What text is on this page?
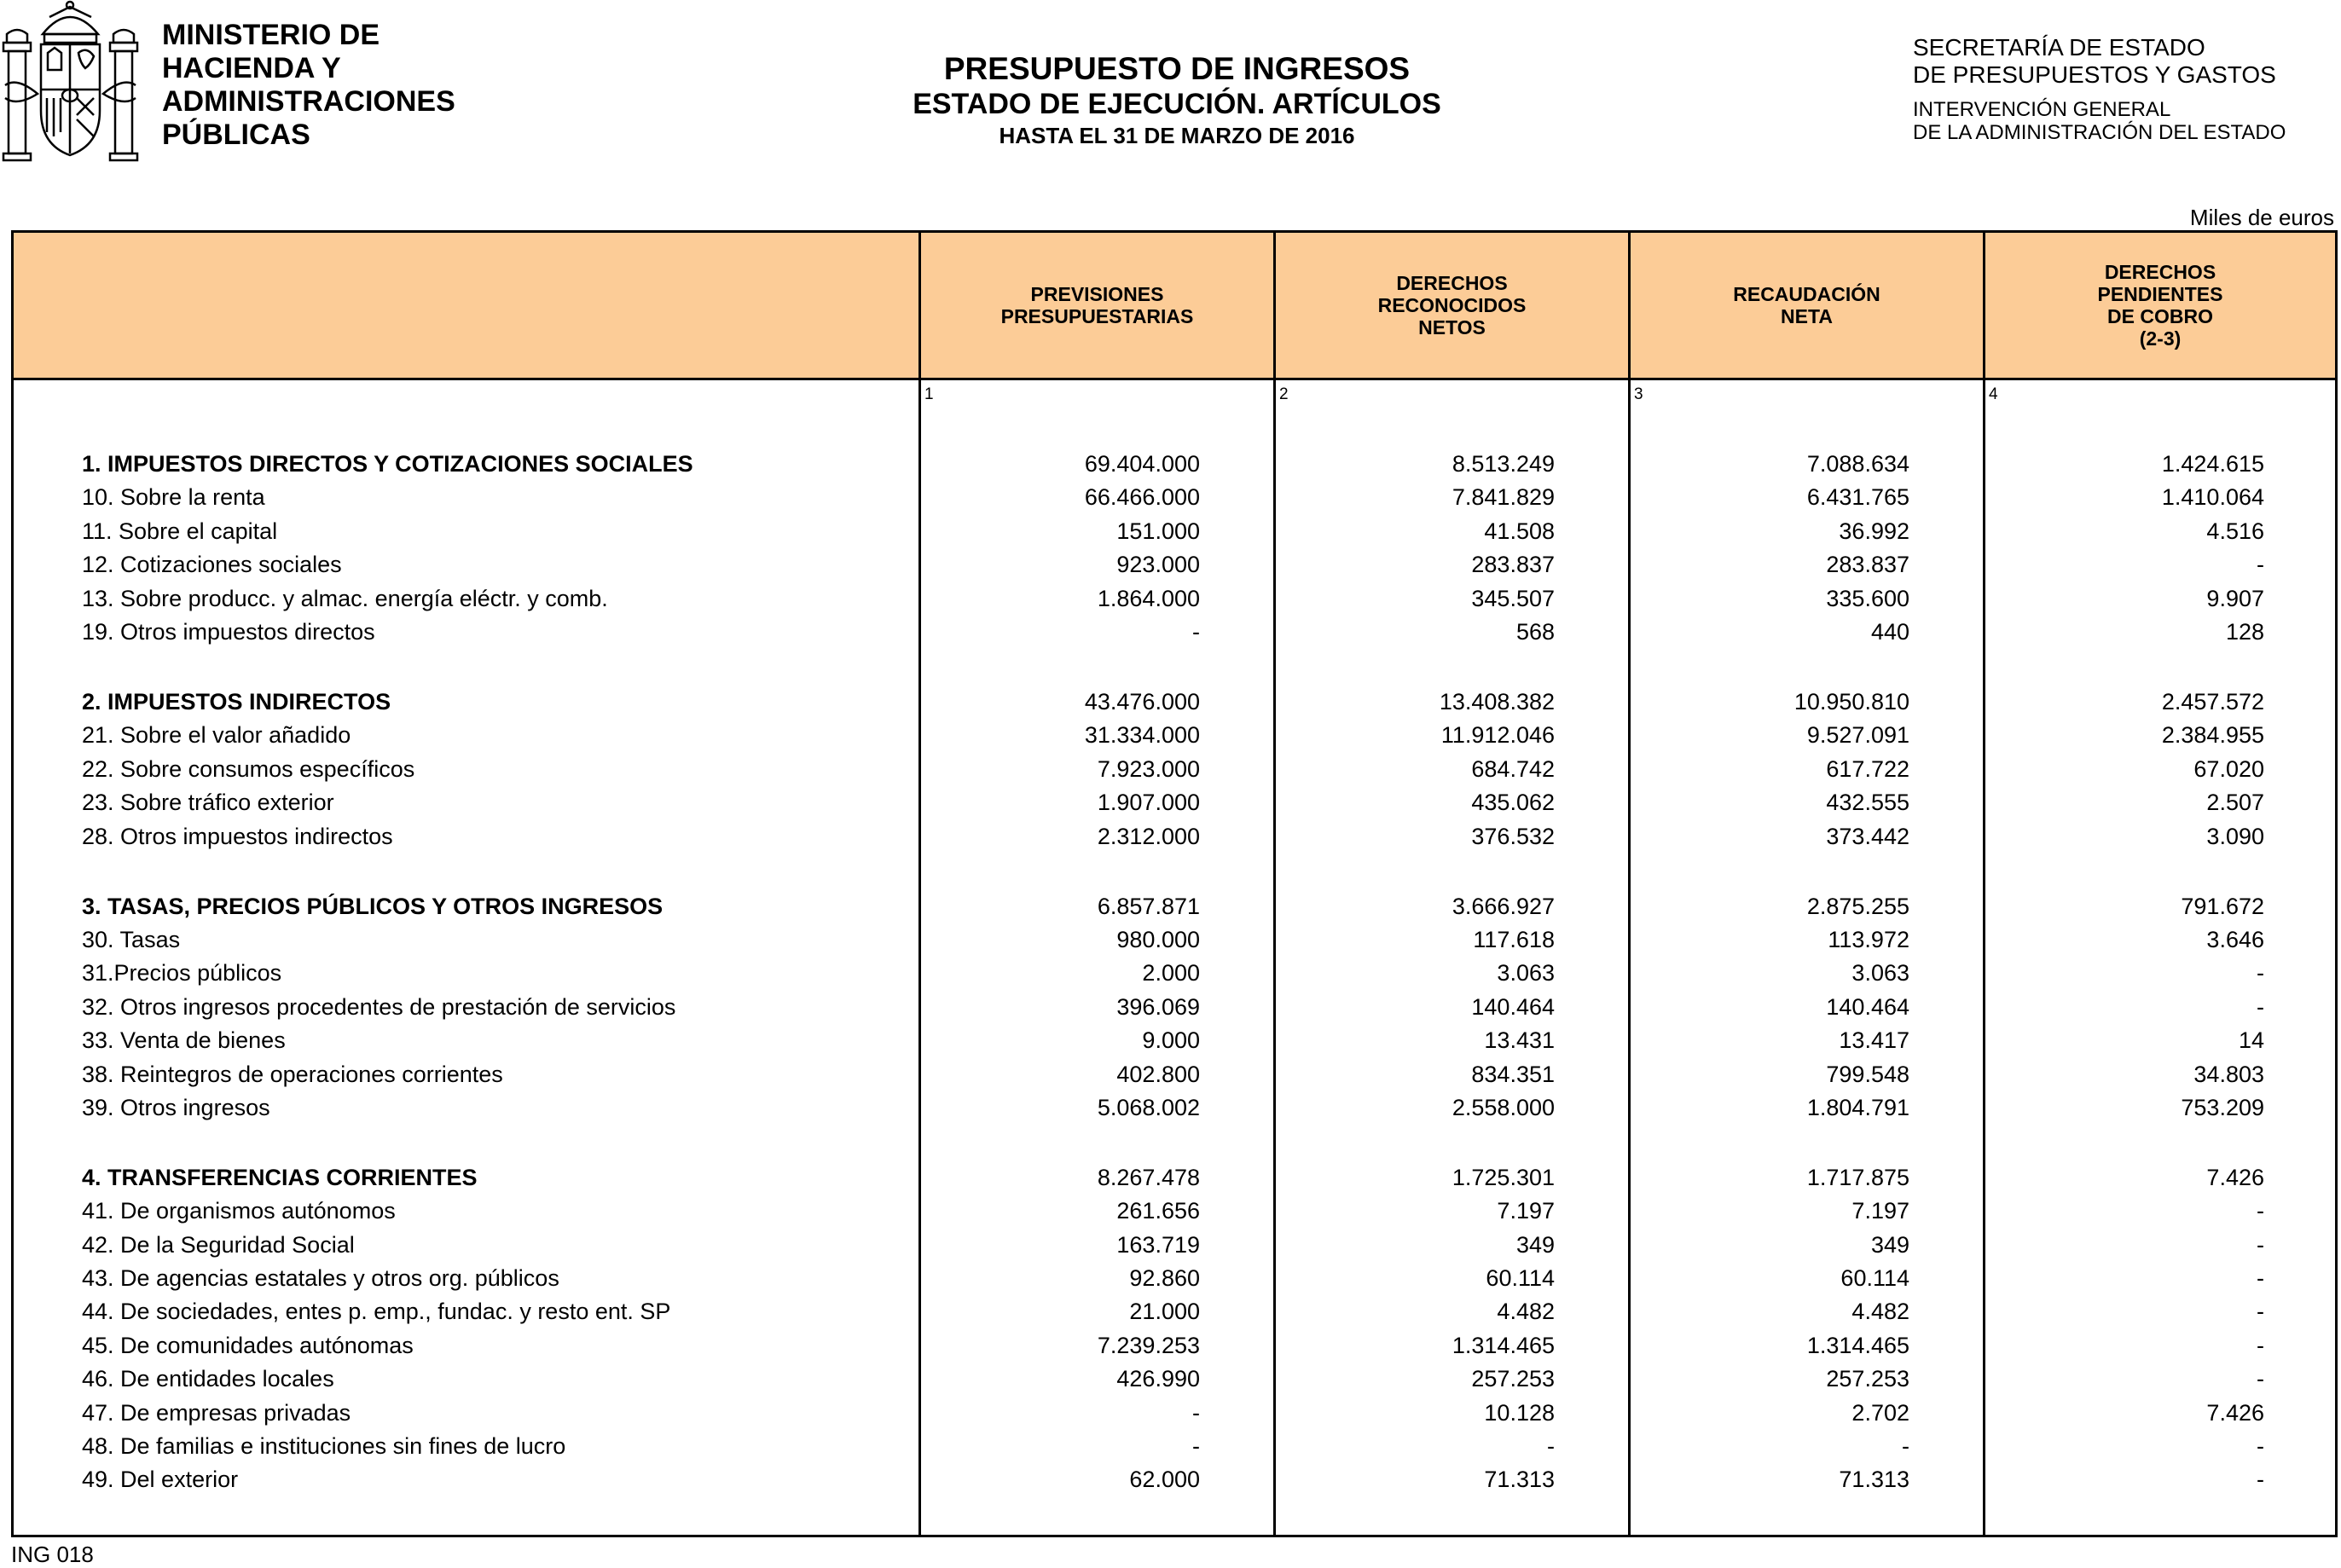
MINISTERIO DE
HACIENDA Y
ADMINISTRACIONES
PÚBLICAS
PRESUPUESTO DE INGRESOS
ESTADO DE EJECUCIÓN. ARTÍCULOS
HASTA EL 31 DE MARZO DE 2016
SECRETARÍA DE ESTADO
DE PRESUPUESTOS Y GASTOS
INTERVENCIÓN GENERAL
DE LA ADMINISTRACIÓN DEL ESTADO
Miles de euros
PREVISIONES
PRESUPUESTARIAS
DERECHOS
RECONOCIDOS
NETOS
RECAUDACIÓN
NETA
DERECHOS
PENDIENTES
DE COBRO
(2-3)
1	2	3	4
1. IMPUESTOS DIRECTOS Y COTIZACIONES SOCIALES	69.404.000	8.513.249	7.088.634	1.424.615
10. Sobre la renta	66.466.000	7.841.829	6.431.765	1.410.064
11. Sobre el capital	151.000	41.508	36.992	4.516
12. Cotizaciones sociales	923.000	283.837	283.837	-
13. Sobre producc. y almac. energía eléctr. y comb.	1.864.000	345.507	335.600	9.907
19. Otros impuestos directos	-	568	440	128
2. IMPUESTOS INDIRECTOS	43.476.000	13.408.382	10.950.810	2.457.572
21. Sobre el valor añadido	31.334.000	11.912.046	9.527.091	2.384.955
22. Sobre consumos específicos	7.923.000	684.742	617.722	67.020
23. Sobre tráfico exterior	1.907.000	435.062	432.555	2.507
28. Otros impuestos indirectos	2.312.000	376.532	373.442	3.090
3. TASAS, PRECIOS PÚBLICOS Y OTROS INGRESOS	6.857.871	3.666.927	2.875.255	791.672
30. Tasas	980.000	117.618	113.972	3.646
31.Precios públicos	2.000	3.063	3.063	-
32. Otros ingresos procedentes de prestación de servicios	396.069	140.464	140.464	-
33. Venta de bienes	9.000	13.431	13.417	14
38. Reintegros de operaciones corrientes	402.800	834.351	799.548	34.803
39. Otros ingresos	5.068.002	2.558.000	1.804.791	753.209
4. TRANSFERENCIAS CORRIENTES	8.267.478	1.725.301	1.717.875	7.426
41. De organismos autónomos	261.656	7.197	7.197	-
42. De la Seguridad Social	163.719	349	349	-
43. De agencias estatales y otros org. públicos	92.860	60.114	60.114	-
44. De sociedades, entes p. emp., fundac. y resto ent. SP	21.000	4.482	4.482	-
45. De comunidades autónomas	7.239.253	1.314.465	1.314.465	-
46. De entidades locales	426.990	257.253	257.253	-
47. De empresas privadas	-	10.128	2.702	7.426
48. De familias e instituciones sin fines de lucro	-	-	-	-
49. Del exterior	62.000	71.313	71.313	-
ING 018
